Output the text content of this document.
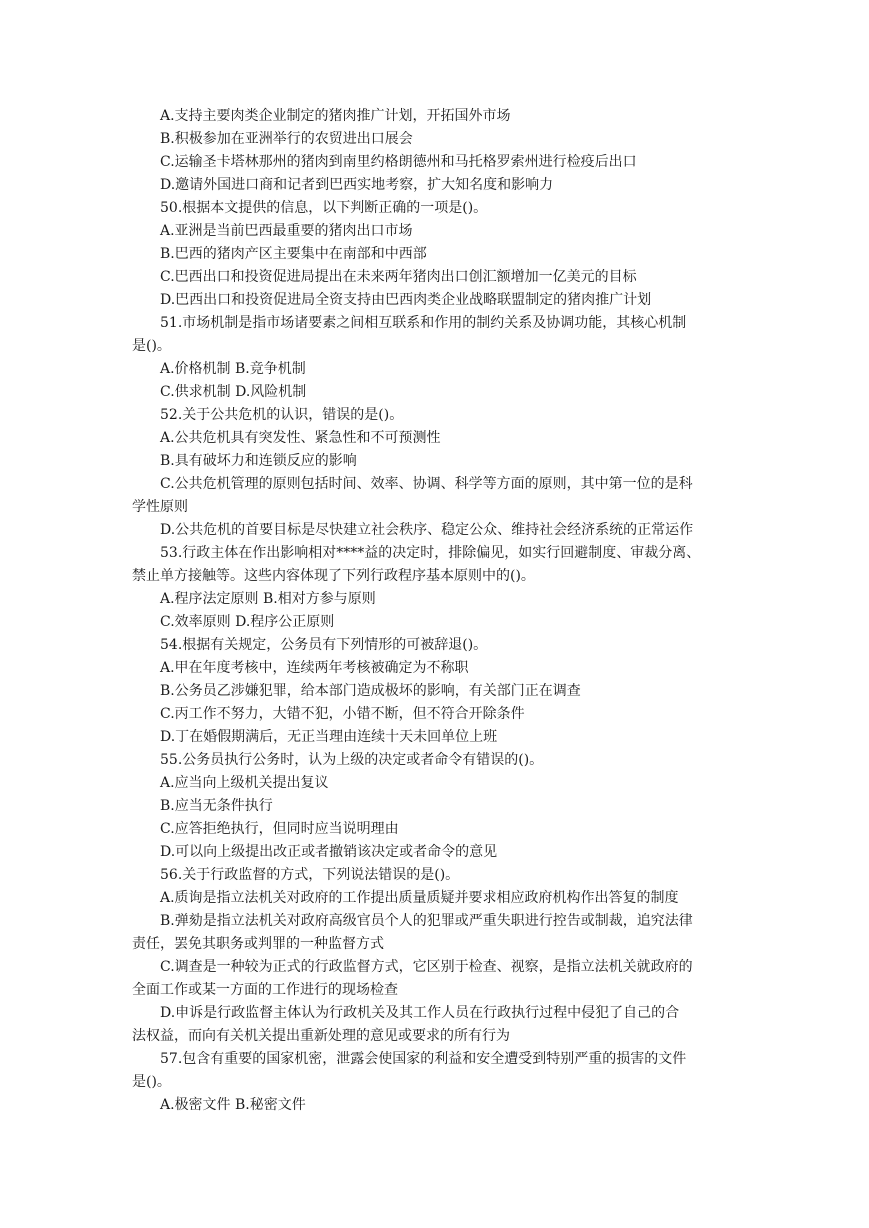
A.支持主要肉类企业制定的猪肉推广计划，开拓国外市场
B.积极参加在亚洲举行的农贸进出口展会
C.运输圣卡塔林那州的猪肉到南里约格朗德州和马托格罗索州进行检疫后出口
D.邀请外国进口商和记者到巴西实地考察，扩大知名度和影响力
50.根据本文提供的信息，以下判断正确的一项是()。
A.亚洲是当前巴西最重要的猪肉出口市场
B.巴西的猪肉产区主要集中在南部和中西部
C.巴西出口和投资促进局提出在未来两年猪肉出口创汇额增加一亿美元的目标
D.巴西出口和投资促进局全资支持由巴西肉类企业战略联盟制定的猪肉推广计划
51.市场机制是指市场诸要素之间相互联系和作用的制约关系及协调功能，其核心机制
是()。
A.价格机制 B.竞争机制
C.供求机制 D.风险机制
52.关于公共危机的认识，错误的是()。
A.公共危机具有突发性、紧急性和不可预测性
B.具有破坏力和连锁反应的影响
C.公共危机管理的原则包括时间、效率、协调、科学等方面的原则，其中第一位的是科
学性原则
D.公共危机的首要目标是尽快建立社会秩序、稳定公众、维持社会经济系统的正常运作
53.行政主体在作出影响相对****益的决定时，排除偏见，如实行回避制度、审裁分离、
禁止单方接触等。这些内容体现了下列行政程序基本原则中的()。
A.程序法定原则 B.相对方参与原则
C.效率原则 D.程序公正原则
54.根据有关规定，公务员有下列情形的可被辞退()。
A.甲在年度考核中，连续两年考核被确定为不称职
B.公务员乙涉嫌犯罪，给本部门造成极坏的影响，有关部门正在调查
C.丙工作不努力，大错不犯，小错不断，但不符合开除条件
D.丁在婚假期满后，无正当理由连续十天未回单位上班
55.公务员执行公务时，认为上级的决定或者命令有错误的()。
A.应当向上级机关提出复议
B.应当无条件执行
C.应答拒绝执行，但同时应当说明理由
D.可以向上级提出改正或者撤销该决定或者命令的意见
56.关于行政监督的方式，下列说法错误的是()。
A.质询是指立法机关对政府的工作提出质量质疑并要求相应政府机构作出答复的制度
B.弹劾是指立法机关对政府高级官员个人的犯罪或严重失职进行控告或制裁，追究法律
责任，罢免其职务或判罪的一种监督方式
C.调查是一种较为正式的行政监督方式，它区别于检查、视察，是指立法机关就政府的
全面工作或某一方面的工作进行的现场检查
D.申诉是行政监督主体认为行政机关及其工作人员在行政执行过程中侵犯了自己的合
法权益，而向有关机关提出重新处理的意见或要求的所有行为
57.包含有重要的国家机密，泄露会使国家的利益和安全遭受到特别严重的损害的文件
是()。
A.极密文件 B.秘密文件
